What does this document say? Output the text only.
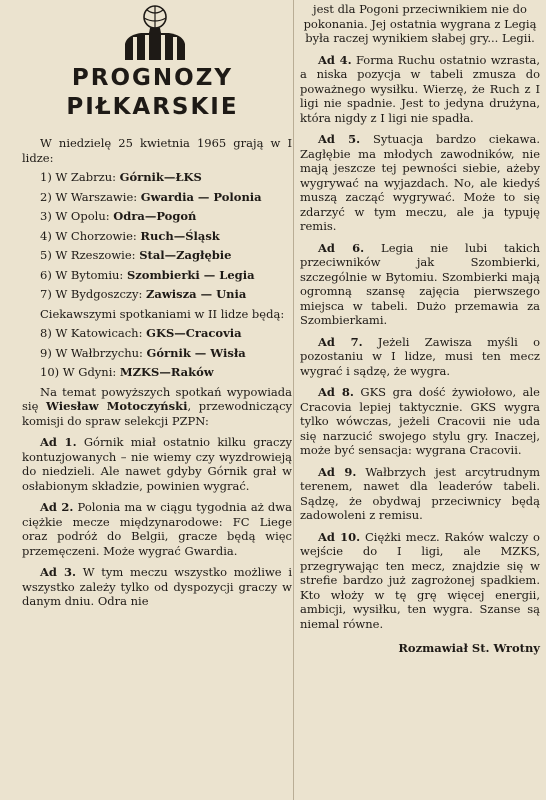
PROGNOZY
PIŁKARSKIE

W niedzielę 25 kwietnia 1965 grają w I lidze:

1) W Zabrzu: Górnik—ŁKS
2) W Warszawie: Gwardia — Polonia
3) W Opolu: Odra—Pogoń
4) W Chorzowie: Ruch—Śląsk
5) W Rzeszowie: Stal—Zagłębie
6) W Bytomiu: Szombierki — Legia
7) W Bydgoszczy: Zawisza — Unia

Ciekawszymi spotkaniami w II lidze będą:

8) W Katowicach: GKS—Cracovia
9) W Wałbrzychu: Górnik — Wisła
10) W Gdyni: MZKS—Raków

Na temat powyższych spotkań wypowiada się Wiesław Motoczyński, przewodniczący komisji do spraw selekcji PZPN:

Ad 1. Górnik miał ostatnio kilku graczy kontuzjowanych – nie wiemy czy wyzdrowieją do niedzieli. Ale nawet gdyby Górnik grał w osłabionym składzie, powinien wygrać.

Ad 2. Polonia ma w ciągu tygodnia aż dwa ciężkie mecze międzynarodowe: FC Liege oraz podróż do Belgii, gracze będą więc przemęczeni. Może wygrać Gwardia.

Ad 3. W tym meczu wszystko możliwe i wszystko zależy tylko od dyspozycji graczy w danym dniu. Odra nie

jest dla Pogoni przeciwnikiem nie do pokonania. Jej ostatnia wygrana z Legią była raczej wynikiem słabej gry... Legii.

Ad 4. Forma Ruchu ostatnio wzrasta, a niska pozycja w tabeli zmusza do poważnego wysiłku. Wierzę, że Ruch z I ligi nie spadnie. Jest to jedyna drużyna, która nigdy z I ligi nie spadła.

Ad 5. Sytuacja bardzo ciekawa. Zagłębie ma młodych zawodników, nie mają jeszcze tej pewności siebie, ażeby wygrywać na wyjazdach. No, ale kiedyś muszą zacząć wygrywać. Może to się zdarzyć w tym meczu, ale ja typuję remis.

Ad 6. Legia nie lubi takich przeciwników jak Szombierki, szczególnie w Bytomiu. Szombierki mają ogromną szansę zajęcia pierwszego miejsca w tabeli. Dużo przemawia za Szombierkami.

Ad 7. Jeżeli Zawisza myśli o pozostaniu w I lidze, musi ten mecz wygrać i sądzę, że wygra.

Ad 8. GKS gra dość żywiołowo, ale Cracovia lepiej taktycznie. GKS wygra tylko wówczas, jeżeli Cracovii nie uda się narzucić swojego stylu gry. Inaczej, może być sensacja: wygrana Cracovii.

Ad 9. Wałbrzych jest arcytrudnym terenem, nawet dla leaderów tabeli. Sądzę, że obydwaj przeciwnicy będą zadowoleni z remisu.

Ad 10. Ciężki mecz. Raków walczy o wejście do I ligi, ale MZKS, przegrywając ten mecz, znajdzie się w strefie bardzo już zagrożonej spadkiem. Kto włoży w tę grę więcej energii, ambicji, wysiłku, ten wygra. Szanse są niemal równe.

Rozmawiał St. Wrotny
